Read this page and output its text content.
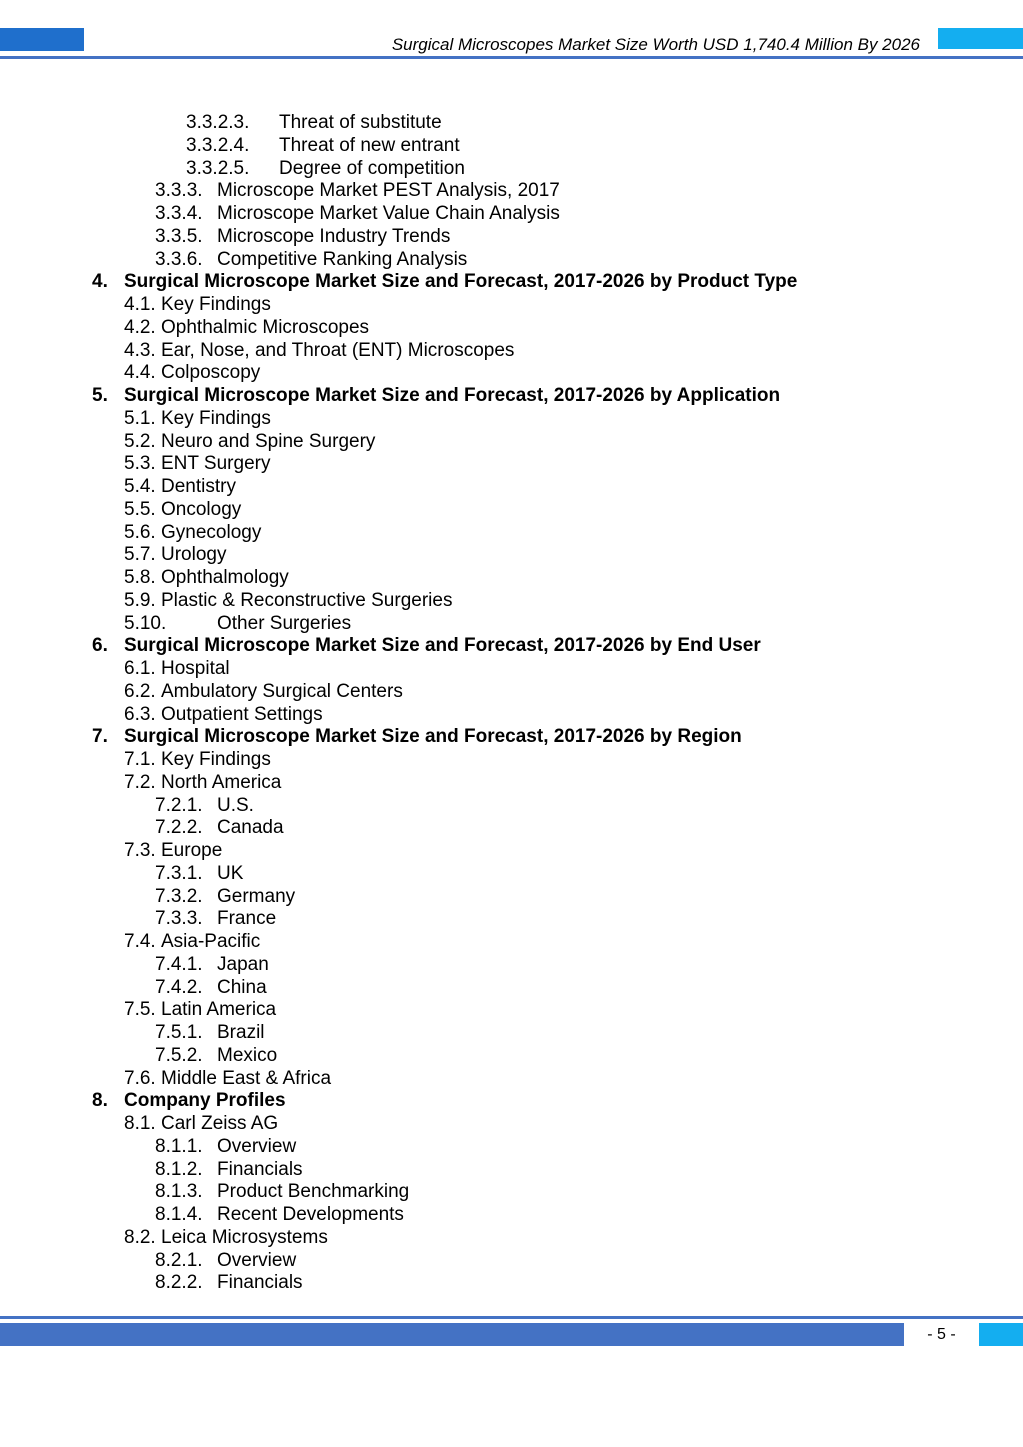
Surgical Microscopes Market Size Worth USD 1,740.4 Million By 2026
3.3.2.3. Threat of substitute
3.3.2.4. Threat of new entrant
3.3.2.5. Degree of competition
3.3.3. Microscope Market PEST Analysis, 2017
3.3.4. Microscope Market Value Chain Analysis
3.3.5. Microscope Industry Trends
3.3.6. Competitive Ranking Analysis
4. Surgical Microscope Market Size and Forecast, 2017-2026 by Product Type
4.1. Key Findings
4.2. Ophthalmic Microscopes
4.3. Ear, Nose, and Throat (ENT) Microscopes
4.4. Colposcopy
5. Surgical Microscope Market Size and Forecast, 2017-2026 by Application
5.1. Key Findings
5.2. Neuro and Spine Surgery
5.3. ENT Surgery
5.4. Dentistry
5.5. Oncology
5.6. Gynecology
5.7. Urology
5.8. Ophthalmology
5.9. Plastic & Reconstructive Surgeries
5.10.	Other Surgeries
6. Surgical Microscope Market Size and Forecast, 2017-2026 by End User
6.1. Hospital
6.2. Ambulatory Surgical Centers
6.3. Outpatient Settings
7. Surgical Microscope Market Size and Forecast, 2017-2026 by Region
7.1. Key Findings
7.2. North America
7.2.1. U.S.
7.2.2. Canada
7.3. Europe
7.3.1. UK
7.3.2. Germany
7.3.3. France
7.4. Asia-Pacific
7.4.1. Japan
7.4.2. China
7.5. Latin America
7.5.1. Brazil
7.5.2. Mexico
7.6. Middle East & Africa
8. Company Profiles
8.1. Carl Zeiss AG
8.1.1. Overview
8.1.2. Financials
8.1.3. Product Benchmarking
8.1.4. Recent Developments
8.2. Leica Microsystems
8.2.1. Overview
8.2.2. Financials
- 5 -
